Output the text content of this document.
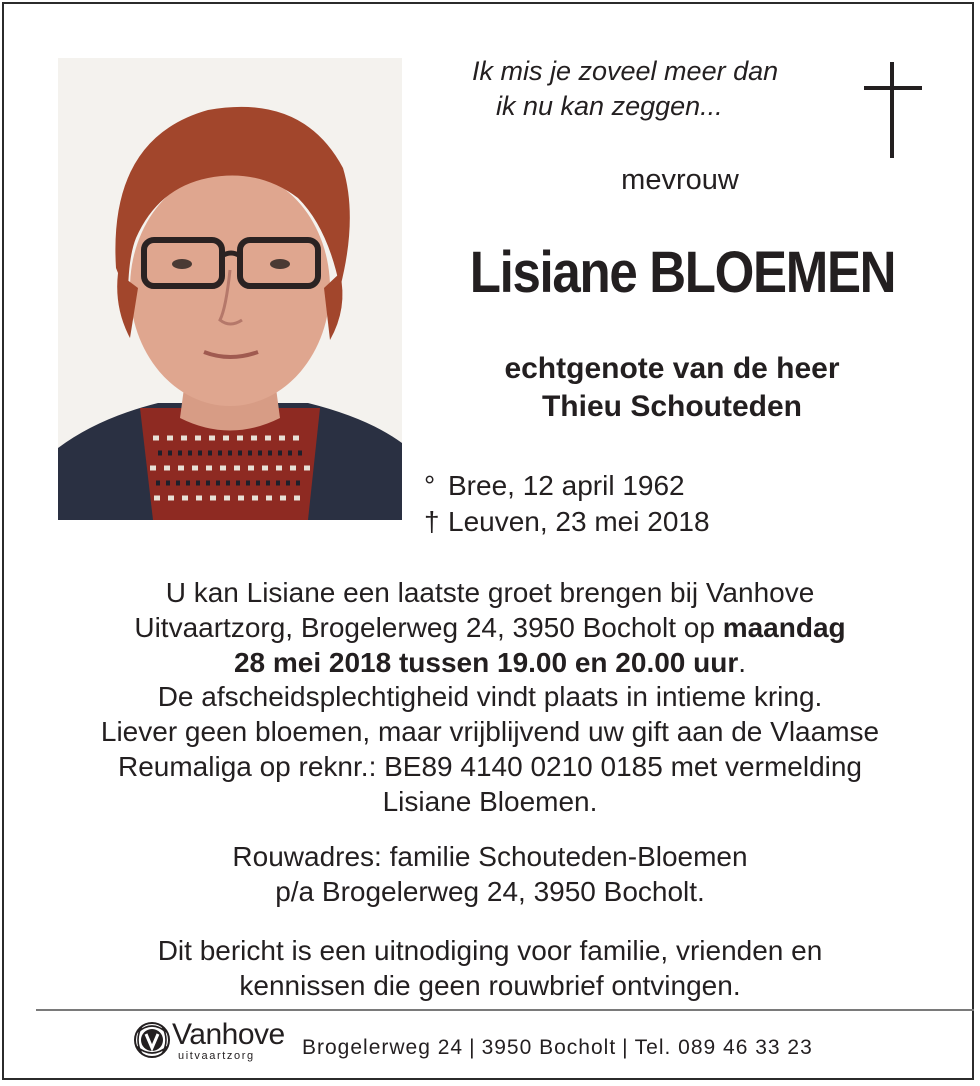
Ik mis je zoveel meer dan
ik nu kan zeggen...
mevrouw
Lisiane BLOEMEN
echtgenote van de heer
Thieu Schouteden
° Bree, 12 april 1962
† Leuven, 23 mei 2018
U kan Lisiane een laatste groet brengen bij Vanhove
Uitvaartzorg, Brogelerweg 24, 3950 Bocholt op maandag
28 mei 2018 tussen 19.00 en 20.00 uur.
De afscheidsplechtigheid vindt plaats in intieme kring.
Liever geen bloemen, maar vrijblijvend uw gift aan de Vlaamse
Reumaliga op reknr.: BE89 4140 0210 0185 met vermelding
Lisiane Bloemen.
Rouwadres: familie Schouteden-Bloemen
p/a Brogelerweg 24, 3950 Bocholt.
Dit bericht is een uitnodiging voor familie, vrienden en
kennissen die geen rouwbrief ontvingen.
Vanhove
uitvaartzorg Brogelerweg 24 | 3950 Bocholt | Tel. 089 46 33 23
